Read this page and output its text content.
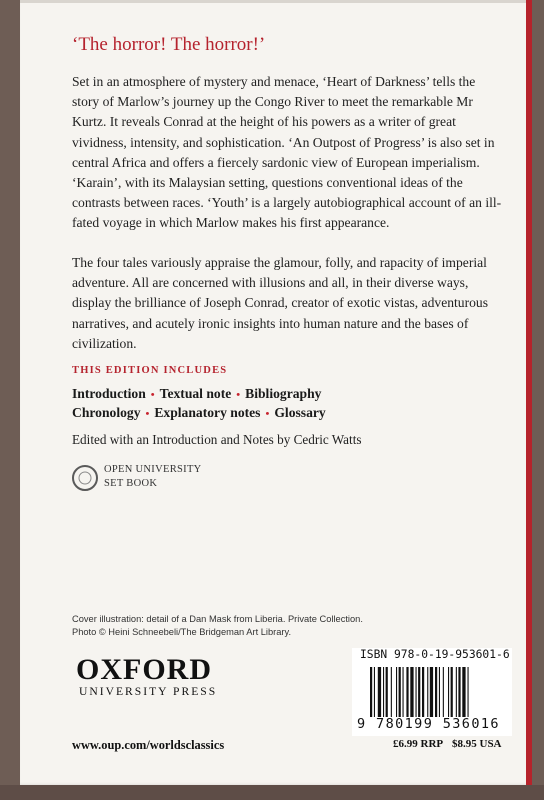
‘The horror! The horror!’
Set in an atmosphere of mystery and menace, ‘Heart of Darkness’ tells the story of Marlow’s journey up the Congo River to meet the remarkable Mr Kurtz. It reveals Conrad at the height of his powers as a writer of great vividness, intensity, and sophistication. ‘An Outpost of Progress’ is also set in central Africa and offers a fiercely sardonic view of European imperialism. ‘Karain’, with its Malaysian setting, questions conventional ideas of the contrasts between races. ‘Youth’ is a largely autobiographical account of an ill-fated voyage in which Marlow makes his first appearance.
The four tales variously appraise the glamour, folly, and rapacity of imperial adventure. All are concerned with illusions and all, in their diverse ways, display the brilliance of Joseph Conrad, creator of exotic vistas, adventurous narratives, and acutely ironic insights into human nature and the bases of civilization.
THIS EDITION INCLUDES
Introduction • Textual note • Bibliography
Chronology • Explanatory notes • Glossary
Edited with an Introduction and Notes by Cedric Watts
OPEN UNIVERSITY
SET BOOK
Cover illustration: detail of a Dan Mask from Liberia. Private Collection.
Photo © Heini Schneebeli/The Bridgeman Art Library.
OXFORD
UNIVERSITY PRESS
www.oup.com/worldsclassics
ISBN 978-0-19-953601-6
9 780199 536016
£6.99 RRP $8.95 USA
